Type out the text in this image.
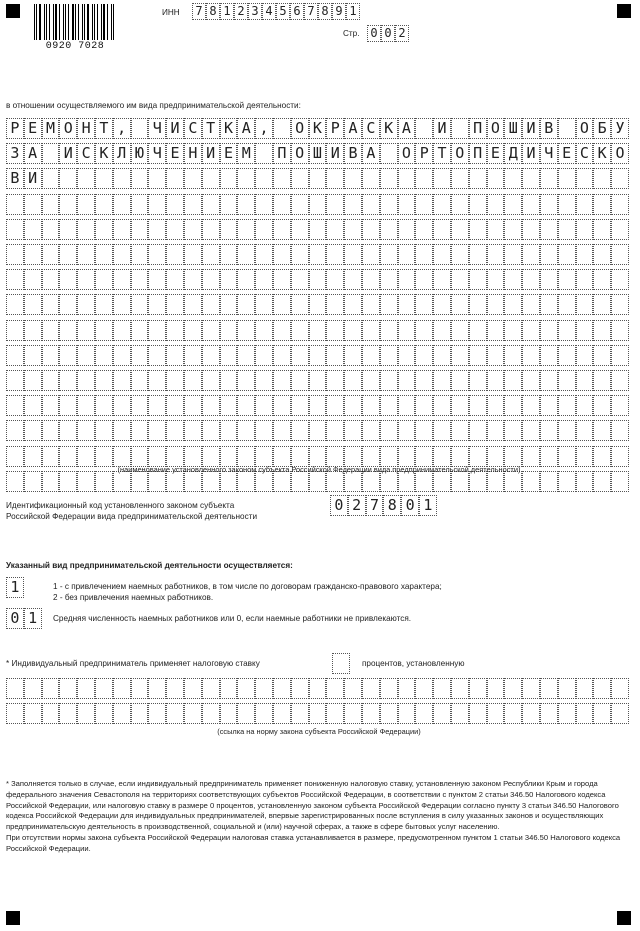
0920 7028
ИНН 7 8 1 2 3 4 5 6 7 8 9 1
Стр. 0 0 2
в отношении осуществляемого им вида предпринимательской деятельности:
Р Е М О Н Т , Ч И С Т К А , О К Р А С К А И П О Ш И В О Б У
З А И С К Л Ю Ч Е Н И Е М П О Ш И В А О Р Т О П Е Д И Ч Е С К О
В И
(наименование установленного законом субъекта Российской Федерации вида предпринимательской деятельности)
Идентификационный код установленного законом субъекта
Российской Федерации вида предпринимательской деятельности
0 2 7 8 0 1
Указанный вид предпринимательской деятельности осуществляется:
1	1 - с привлечением наемных работников, в том числе по договорам гражданско-правового характера;
2 - без привлечения наемных работников.
0 1	Средняя численность наемных работников или 0, если наемные работники не привлекаются.
* Индивидуальный предприниматель применяет налоговую ставку	процентов, установленную
(ссылка на норму закона субъекта Российской Федерации)

* Заполняется только в случае, если индивидуальный предприниматель применяет пониженную налоговую ставку, установленную законом Республики Крым и города федерального значения Севастополя на территориях соответствующих субъектов Российской Федерации, в соответствии с пунктом 2 статьи 346.50 Налогового кодекса Российской Федерации, или налоговую ставку в размере 0 процентов, установленную законом субъекта Российской Федерации согласно пункту 3 статьи 346.50 Налогового кодекса Российской Федерации для индивидуальных предпринимателей, впервые зарегистрированных после вступления в силу указанных законов и осуществляющих предпринимательскую деятельность в производственной, социальной и (или) научной сферах, а также в сфере бытовых услуг населению.

При отсутствии нормы закона субъекта Российской Федерации налоговая ставка устанавливается в размере, предусмотренном пунктом 1 статьи 346.50 Налогового кодекса Российской Федерации.
